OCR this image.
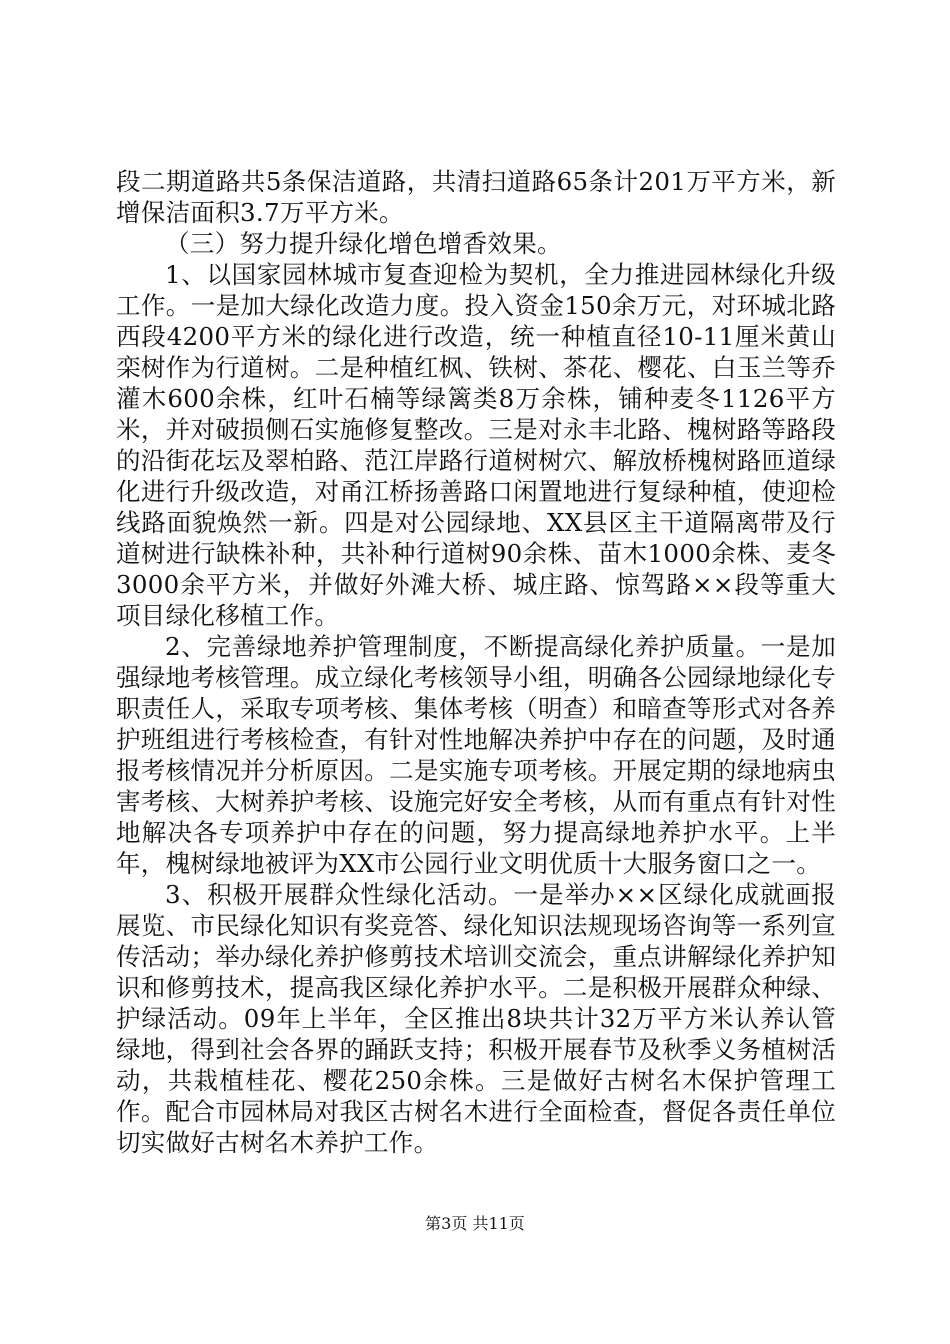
段二期道路共5条保洁道路，共清扫道路65条计201万平方米，新增保洁面积3.7万平方米。

（三）努力提升绿化增色增香效果。

1、以国家园林城市复查迎检为契机，全力推进园林绿化升级工作。一是加大绿化改造力度。投入资金150余万元，对环城北路西段4200平方米的绿化进行改造，统一种植直径10-11厘米黄山栾树作为行道树。二是种植红枫、铁树、茶花、樱花、白玉兰等乔灌木600余株，红叶石楠等绿篱类8万余株，铺种麦冬1126平方米，并对破损侧石实施修复整改。三是对永丰北路、槐树路等路段的沿街花坛及翠柏路、范江岸路行道树树穴、解放桥槐树路匝道绿化进行升级改造，对甬江桥扬善路口闲置地进行复绿种植，使迎检线路面貌焕然一新。四是对公园绿地、XX县区主干道隔离带及行道树进行缺株补种，共补种行道树90余株、苗木1000余株、麦冬3000余平方米，并做好外滩大桥、城庄路、惊驾路××段等重大项目绿化移植工作。

2、完善绿地养护管理制度，不断提高绿化养护质量。一是加强绿地考核管理。成立绿化考核领导小组，明确各公园绿地绿化专职责任人，采取专项考核、集体考核（明查）和暗查等形式对各养护班组进行考核检查，有针对性地解决养护中存在的问题，及时通报考核情况并分析原因。二是实施专项考核。开展定期的绿地病虫害考核、大树养护考核、设施完好安全考核，从而有重点有针对性地解决各专项养护中存在的问题，努力提高绿地养护水平。上半年，槐树绿地被评为XX市公园行业文明优质十大服务窗口之一。

3、积极开展群众性绿化活动。一是举办××区绿化成就画报展览、市民绿化知识有奖竞答、绿化知识法规现场咨询等一系列宣传活动；举办绿化养护修剪技术培训交流会，重点讲解绿化养护知识和修剪技术，提高我区绿化养护水平。二是积极开展群众种绿、护绿活动。09年上半年，全区推出8块共计32万平方米认养认管绿地，得到社会各界的踊跃支持；积极开展春节及秋季义务植树活动，共栽植桂花、樱花250余株。三是做好古树名木保护管理工作。配合市园林局对我区古树名木进行全面检查，督促各责任单位切实做好古树名木养护工作。

第3页 共11页
